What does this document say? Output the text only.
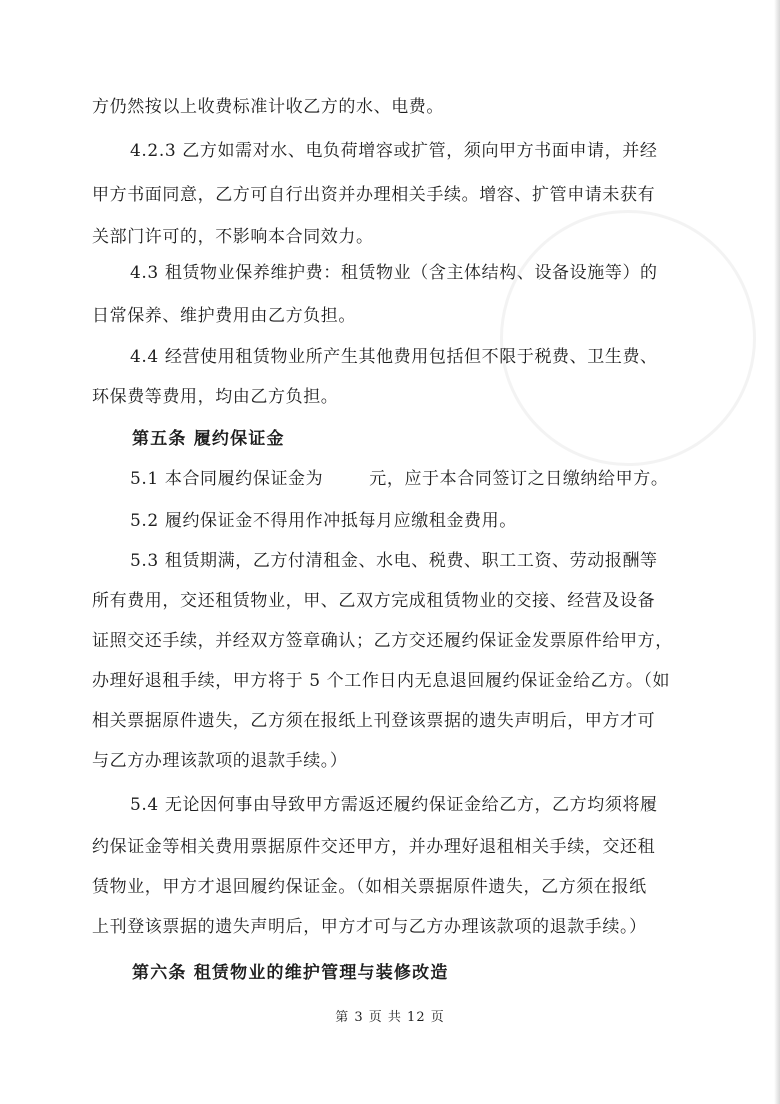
方仍然按以上收费标准计收乙方的水、电费。

4.2.3 乙方如需对水、电负荷增容或扩管，须向甲方书面申请，并经

甲方书面同意，乙方可自行出资并办理相关手续。增容、扩管申请未获有

关部门许可的，不影响本合同效力。

4.3 租赁物业保养维护费：租赁物业（含主体结构、设备设施等）的

日常保养、维护费用由乙方负担。

4.4 经营使用租赁物业所产生其他费用包括但不限于税费、卫生费、

环保费等费用，均由乙方负担。

第五条 履约保证金

5.1 本合同履约保证金为	元，应于本合同签订之日缴纳给甲方。

5.2 履约保证金不得用作冲抵每月应缴租金费用。

5.3 租赁期满，乙方付清租金、水电、税费、职工工资、劳动报酬等

所有费用，交还租赁物业，甲、乙双方完成租赁物业的交接、经营及设备

证照交还手续，并经双方签章确认；乙方交还履约保证金发票原件给甲方，

办理好退租手续，甲方将于 5 个工作日内无息退回履约保证金给乙方。（如

相关票据原件遗失，乙方须在报纸上刊登该票据的遗失声明后，甲方才可

与乙方办理该款项的退款手续。）

5.4 无论因何事由导致甲方需返还履约保证金给乙方，乙方均须将履

约保证金等相关费用票据原件交还甲方，并办理好退租相关手续，交还租

赁物业，甲方才退回履约保证金。（如相关票据原件遗失，乙方须在报纸

上刊登该票据的遗失声明后，甲方才可与乙方办理该款项的退款手续。）

第六条 租赁物业的维护管理与装修改造

第 3 页 共 12 页
